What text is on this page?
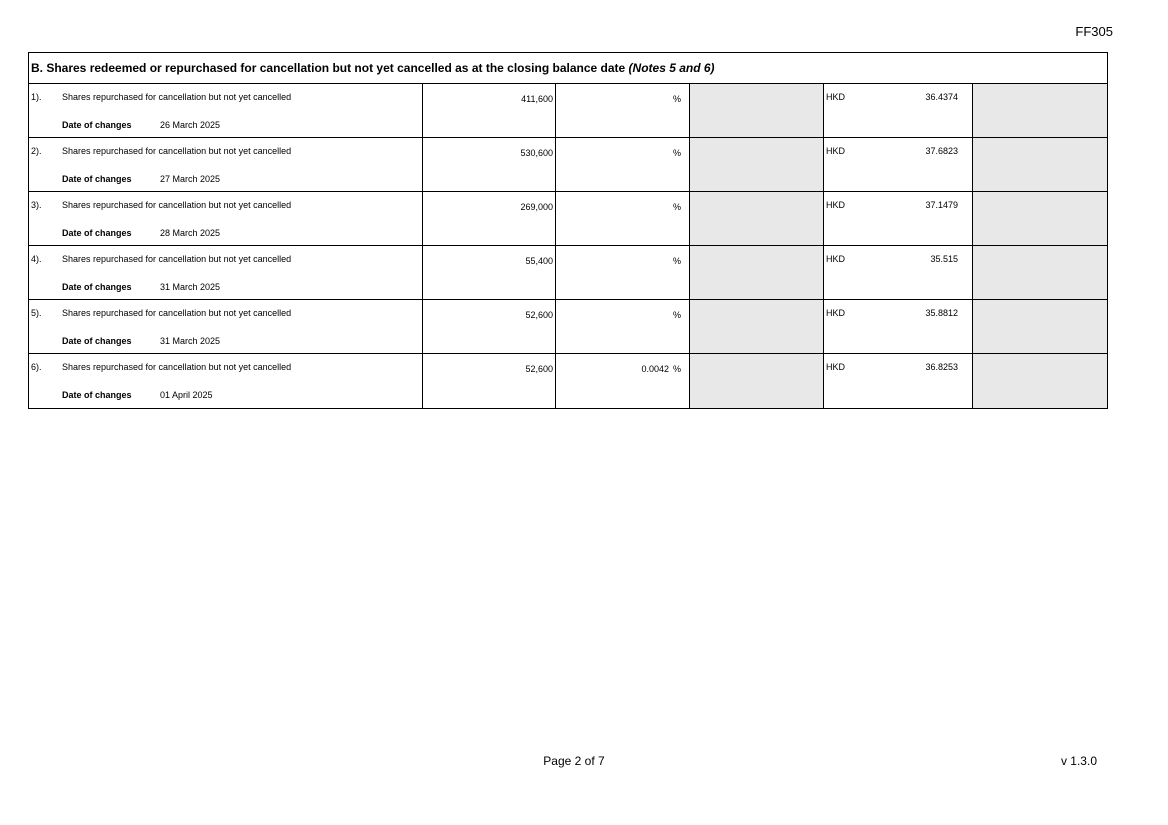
FF305
B. Shares redeemed or repurchased for cancellation but not yet cancelled as at the closing balance date (Notes 5 and 6)
1). Shares repurchased for cancellation but not yet cancelled
Date of changes	26 March 2025
411,600	%	HKD	36.4374
2). Shares repurchased for cancellation but not yet cancelled
Date of changes	27 March 2025
530,600	%	HKD	37.6823
3). Shares repurchased for cancellation but not yet cancelled
Date of changes	28 March 2025
269,000	%	HKD	37.1479
4). Shares repurchased for cancellation but not yet cancelled
Date of changes	31 March 2025
55,400	%	HKD	35.515
5). Shares repurchased for cancellation but not yet cancelled
Date of changes	31 March 2025
52,600	%	HKD	35.8812
6). Shares repurchased for cancellation but not yet cancelled
Date of changes	01 April 2025
52,600	0.0042 %	HKD	36.8253
Page 2 of 7	v 1.3.0
